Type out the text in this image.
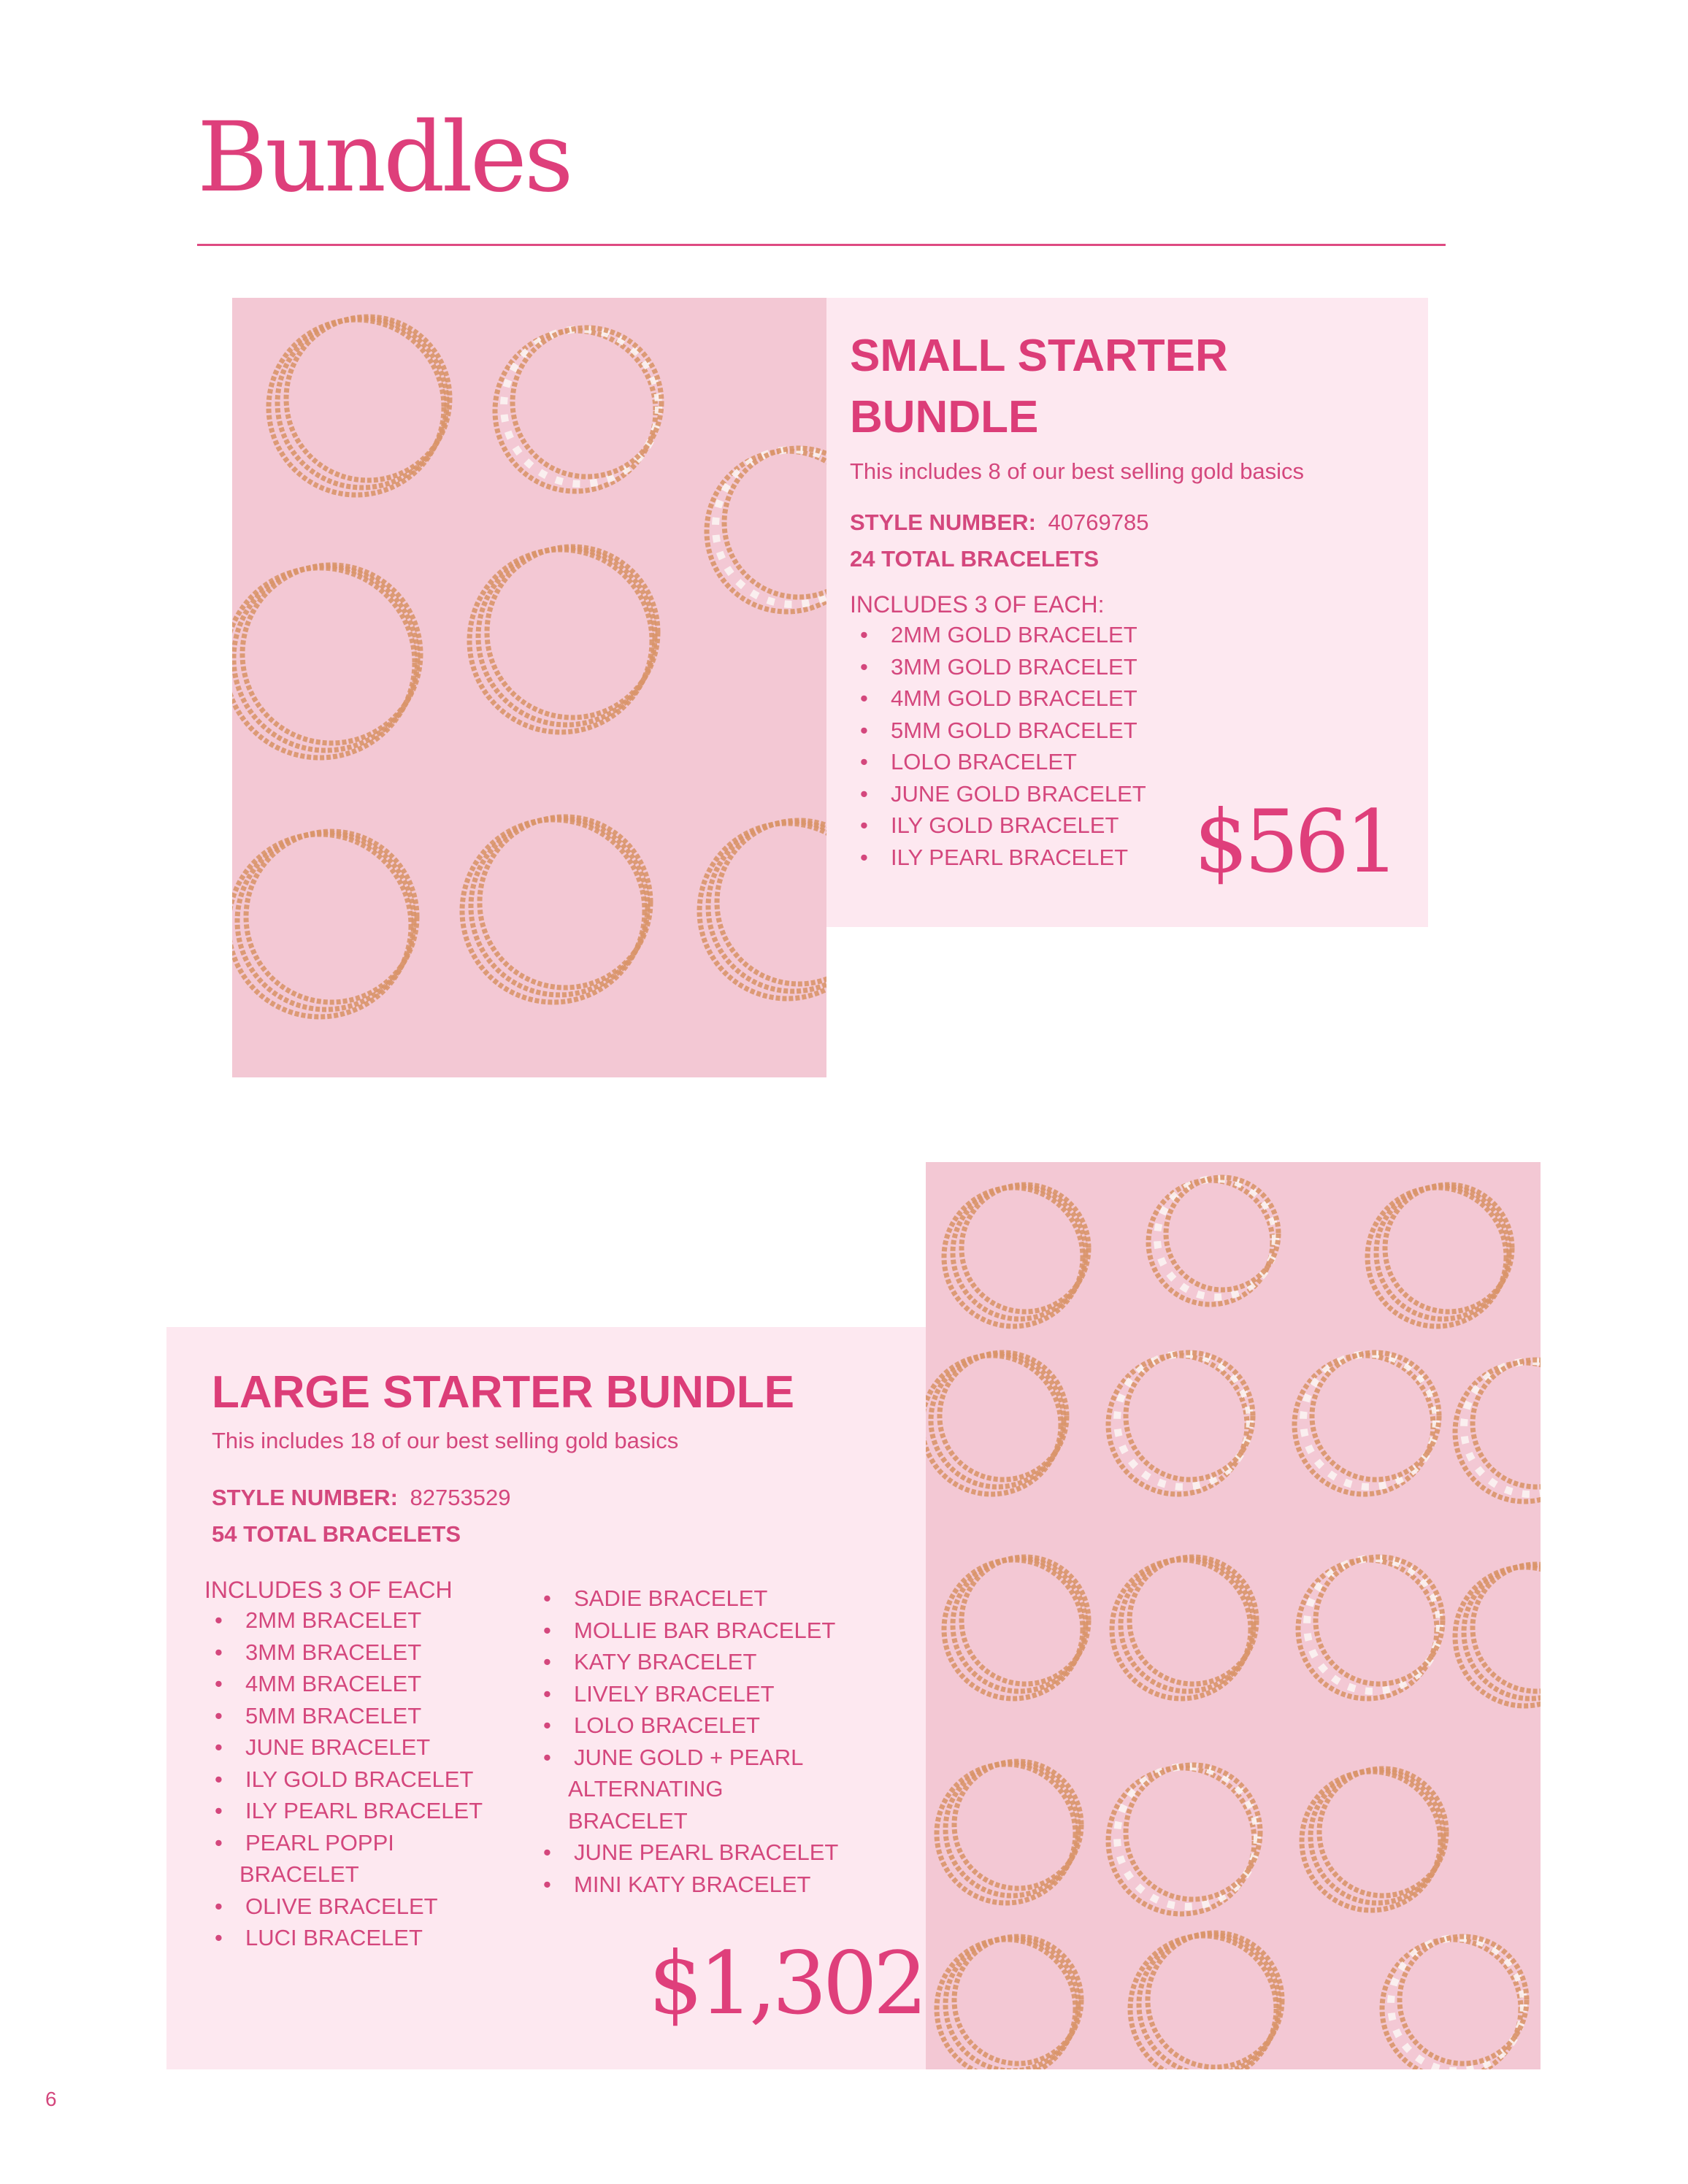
Bundles
SMALL STARTER
BUNDLE
This includes 8 of our best selling gold basics
STYLE NUMBER: 40769785
24 TOTAL BRACELETS
INCLUDES 3 OF EACH:
• 2MM GOLD BRACELET
• 3MM GOLD BRACELET
• 4MM GOLD BRACELET
• 5MM GOLD BRACELET
• LOLO BRACELET
• JUNE GOLD BRACELET
• ILY GOLD BRACELET
• ILY PEARL BRACELET $561
LARGE STARTER BUNDLE
This includes 18 of our best selling gold basics
STYLE NUMBER: 82753529
54 TOTAL BRACELETS
INCLUDES 3 OF EACH
• 2MM BRACELET
• 3MM BRACELET
• 4MM BRACELET
• 5MM BRACELET
• JUNE BRACELET
• ILY GOLD BRACELET
• ILY PEARL BRACELET
• PEARL POPPI
BRACELET
• OLIVE BRACELET
• LUCI BRACELET
• SADIE BRACELET
• MOLLIE BAR BRACELET
• KATY BRACELET
• LIVELY BRACELET
• LOLO BRACELET
• JUNE GOLD + PEARL
ALTERNATING
BRACELET
• JUNE PEARL BRACELET
• MINI KATY BRACELET
$1,302
6
